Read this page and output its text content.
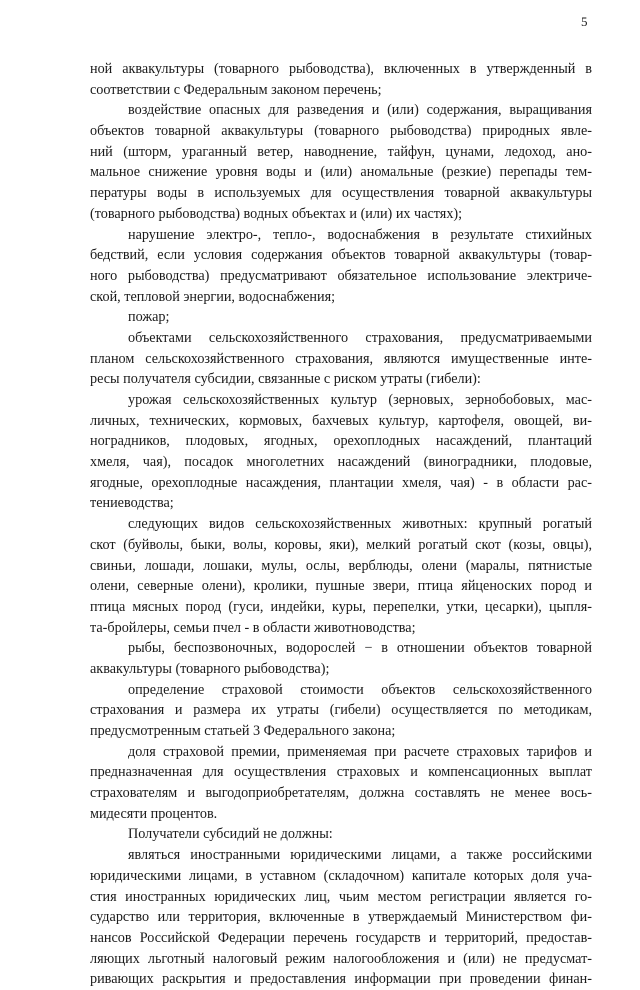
5
ной аквакультуры (товарного рыбоводства), включенных в утвержденный в
соответствии с Федеральным законом перечень;
воздействие опасных для разведения и (или) содержания, выращивания
объектов товарной аквакультуры (товарного рыбоводства) природных явле-
ний (шторм, ураганный ветер, наводнение, тайфун, цунами, ледоход, ано-
мальное снижение уровня воды и (или) аномальные (резкие) перепады тем-
пературы воды в используемых для осуществления товарной аквакультуры
(товарного рыбоводства) водных объектах и (или) их частях);
нарушение электро-, тепло-, водоснабжения в результате стихийных
бедствий, если условия содержания объектов товарной аквакультуры (товар-
ного рыбоводства) предусматривают обязательное использование электриче-
ской, тепловой энергии, водоснабжения;
пожар;
объектами сельскохозяйственного страхования, предусматриваемыми
планом сельскохозяйственного страхования, являются имущественные инте-
ресы получателя субсидии, связанные с риском утраты (гибели):
урожая сельскохозяйственных культур (зерновых, зернобобовых, мас-
личных, технических, кормовых, бахчевых культур, картофеля, овощей, ви-
ноградников, плодовых, ягодных, орехоплодных насаждений, плантаций
хмеля, чая), посадок многолетних насаждений (виноградники, плодовые,
ягодные, орехоплодные насаждения, плантации хмеля, чая) - в области рас-
тениеводства;
следующих видов сельскохозяйственных животных: крупный рогатый
скот (буйволы, быки, волы, коровы, яки), мелкий рогатый скот (козы, овцы),
свиньи, лошади, лошаки, мулы, ослы, верблюды, олени (маралы, пятнистые
олени, северные олени), кролики, пушные звери, птица яйценоских пород и
птица мясных пород (гуси, индейки, куры, перепелки, утки, цесарки), цыпля-
та-бройлеры, семьи пчел - в области животноводства;
рыбы, беспозвоночных, водорослей − в отношении объектов товарной
аквакультуры (товарного рыбоводства);
определение страховой стоимости объектов сельскохозяйственного
страхования и размера их утраты (гибели) осуществляется по методикам,
предусмотренным статьей 3 Федерального закона;
доля страховой премии, применяемая при расчете страховых тарифов и
предназначенная для осуществления страховых и компенсационных выплат
страхователям и выгодоприобретателям, должна составлять не менее вось-
мидесяти процентов.
Получатели субсидий не должны:
являться иностранными юридическими лицами, а также российскими
юридическими лицами, в уставном (складочном) капитале которых доля уча-
стия иностранных юридических лиц, чьим местом регистрации является го-
сударство или территория, включенные в утверждаемый Министерством фи-
нансов Российской Федерации перечень государств и территорий, предостав-
ляющих льготный налоговый режим налогообложения и (или) не предусмат-
ривающих раскрытия и предоставления информации при проведении финан-
